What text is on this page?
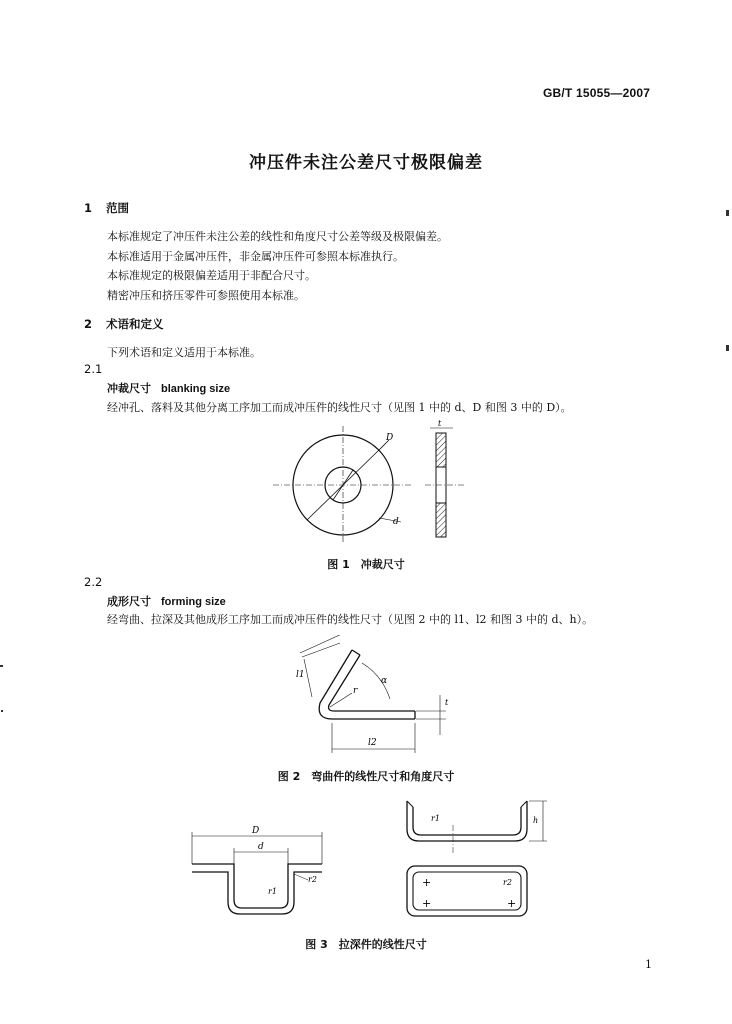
GB/T 15055—2007
冲压件未注公差尺寸极限偏差
1 范围
本标准规定了冲压件未注公差的线性和角度尺寸公差等级及极限偏差。
本标准适用于金属冲压件，非金属冲压件可参照本标准执行。
本标准规定的极限偏差适用于非配合尺寸。
精密冲压和挤压零件可参照使用本标准。
2 术语和定义
下列术语和定义适用于本标准。
2.1
冲裁尺寸 blanking size
经冲孔、落料及其他分离工序加工而成冲压件的线性尺寸（见图 1 中的 d、D 和图 3 中的 D）。
D
d
t
图 1　冲裁尺寸
2.2
成形尺寸 forming size
经弯曲、拉深及其他成形工序加工而成冲压件的线性尺寸（见图 2 中的 l1、l2 和图 3 中的 d、h）。
l1
α
r
l2
t
图 2　弯曲件的线性尺寸和角度尺寸
D
d
r1
r2
h
r1
+
+	+
r2
图 3　拉深件的线性尺寸
1
